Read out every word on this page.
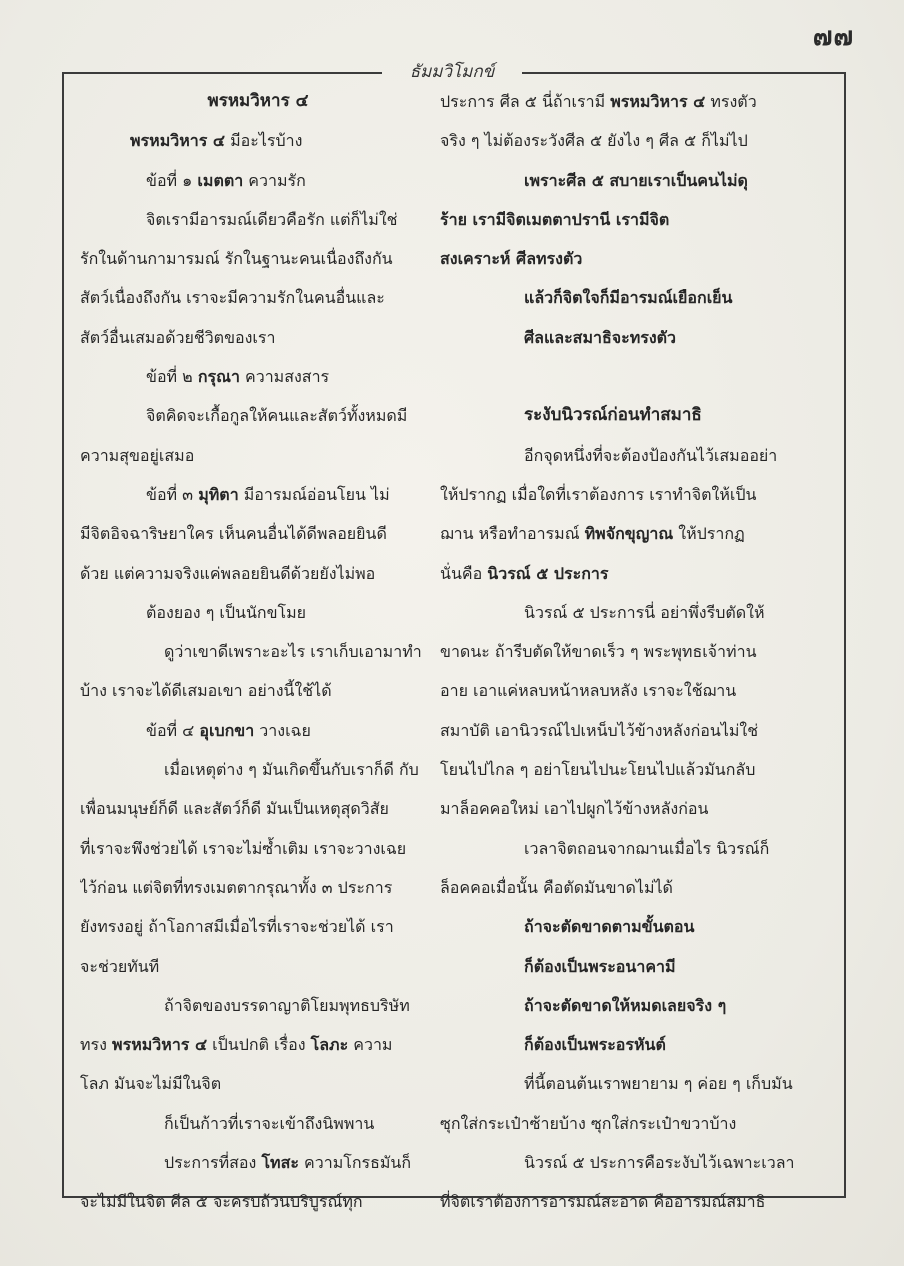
๗๗
ธัมมวิโมกข์
พรหมวิหาร ๔
พรหมวิหาร ๔ มีอะไรบ้าง
ข้อที่ ๑ เมตตา ความรัก
จิตเรามีอารมณ์เดียวคือรัก แต่ก็ไม่ใช่
รักในด้านกามารมณ์ รักในฐานะคนเนื่องถึงกัน
สัตว์เนื่องถึงกัน เราจะมีความรักในคนอื่นและ
สัตว์อื่นเสมอด้วยชีวิตของเรา
ข้อที่ ๒ กรุณา ความสงสาร
จิตคิดจะเกื้อกูลให้คนและสัตว์ทั้งหมดมี
ความสุขอยู่เสมอ
ข้อที่ ๓ มุทิตา มีอารมณ์อ่อนโยน ไม่
มีจิตอิจฉาริษยาใคร เห็นคนอื่นได้ดีพลอยยินดี
ด้วย แต่ความจริงแค่พลอยยินดีด้วยยังไม่พอ
ต้องยอง ๆ เป็นนักขโมย
ดูว่าเขาดีเพราะอะไร เราเก็บเอามาทำ
บ้าง เราจะได้ดีเสมอเขา อย่างนี้ใช้ได้
ข้อที่ ๔ อุเบกขา วางเฉย
เมื่อเหตุต่าง ๆ มันเกิดขึ้นกับเราก็ดี กับ
เพื่อนมนุษย์ก็ดี และสัตว์ก็ดี มันเป็นเหตุสุดวิสัย
ที่เราจะพึงช่วยได้ เราจะไม่ซ้ำเติม เราจะวางเฉย
ไว้ก่อน แต่จิตที่ทรงเมตตากรุณาทั้ง ๓ ประการ
ยังทรงอยู่ ถ้าโอกาสมีเมื่อไรที่เราจะช่วยได้ เรา
จะช่วยทันที
ถ้าจิตของบรรดาญาติโยมพุทธบริษัท
ทรง พรหมวิหาร ๔ เป็นปกติ เรื่อง โลภะ ความ
โลภ มันจะไม่มีในจิต
ก็เป็นก้าวที่เราจะเข้าถึงนิพพาน
ประการที่สอง โทสะ ความโกรธมันก็
จะไม่มีในจิต ศีล ๕ จะครบถ้วนบริบูรณ์ทุก
ประการ ศีล ๕ นี่ถ้าเรามี พรหมวิหาร ๔ ทรงตัว
จริง ๆ ไม่ต้องระวังศีล ๕ ยังไง ๆ ศีล ๕ ก็ไม่ไป
เพราะศีล ๕ สบายเราเป็นคนไม่ดุ
ร้าย เรามีจิตเมตตาปรานี เรามีจิต
สงเคราะห์ ศีลทรงตัว
แล้วก็จิตใจก็มีอารมณ์เยือกเย็น
ศีลและสมาธิจะทรงตัว
ระงับนิวรณ์ก่อนทำสมาธิ
อีกจุดหนึ่งที่จะต้องป้องกันไว้เสมออย่า
ให้ปรากฏ เมื่อใดที่เราต้องการ เราทำจิตให้เป็น
ฌาน หรือทำอารมณ์ ทิพจักขุญาณ ให้ปรากฏ
นั่นคือ นิวรณ์ ๕ ประการ
นิวรณ์ ๕ ประการนี่ อย่าพึ่งรีบตัดให้
ขาดนะ ถ้ารีบตัดให้ขาดเร็ว ๆ พระพุทธเจ้าท่าน
อาย เอาแค่หลบหน้าหลบหลัง เราจะใช้ฌาน
สมาบัติ เอานิวรณ์ไปเหน็บไว้ข้างหลังก่อนไม่ใช่
โยนไปไกล ๆ อย่าโยนไปนะโยนไปแล้วมันกลับ
มาล็อคคอใหม่ เอาไปผูกไว้ข้างหลังก่อน
เวลาจิตถอนจากฌานเมื่อไร นิวรณ์ก็
ล็อคคอเมื่อนั้น คือตัดมันขาดไม่ได้
ถ้าจะตัดขาดตามขั้นตอน
ก็ต้องเป็นพระอนาคามี
ถ้าจะตัดขาดให้หมดเลยจริง ๆ
ก็ต้องเป็นพระอรหันต์
ที่นี้ตอนต้นเราพยายาม ๆ ค่อย ๆ เก็บมัน
ซุกใส่กระเป๋าซ้ายบ้าง ซุกใส่กระเป๋าขวาบ้าง
นิวรณ์ ๕ ประการคือระงับไว้เฉพาะเวลา
ที่จิตเราต้องการอารมณ์สะอาด คืออารมณ์สมาธิ
